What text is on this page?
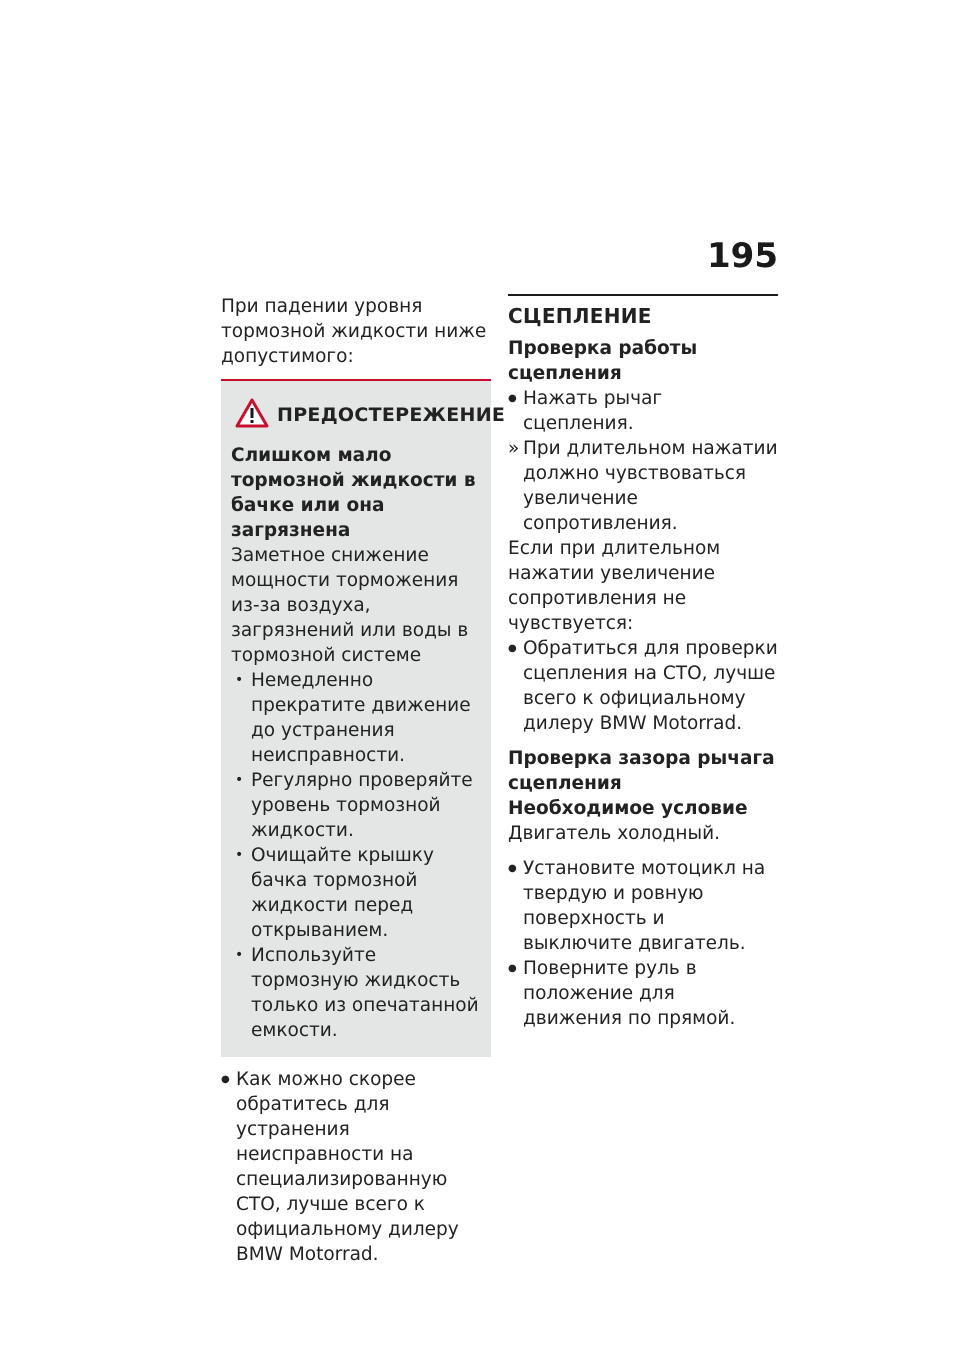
195

При падении уровня тормозной жидкости ниже допустимого:

ПРЕДОСТЕРЕЖЕНИЕ

Слишком мало тормозной жидкости в бачке или она загрязнена

Заметное снижение мощности торможения из-за воздуха, загрязнений или воды в тормозной системе

• Немедленно прекратите движение до устранения неисправности.
• Регулярно проверяйте уровень тормозной жидкости.
• Очищайте крышку бачка тормозной жидкости перед открыванием.
• Используйте тормозную жидкость только из опечатанной емкости.
● Как можно скорее обратитесь для устранения неисправности на специализированную СТО, лучше всего к официальному дилеру BMW Motorrad.
СЦЕПЛЕНИЕ

Проверка работы сцепления

● Нажать рычаг сцепления.
» При длительном нажатии должно чувствоваться увеличение сопротивления.

Если при длительном нажатии увеличение сопротивления не чувствуется:

● Обратиться для проверки сцепления на СТО, лучше всего к официальному дилеру BMW Motorrad.

Проверка зазора рычага сцепления

Необходимое условие

Двигатель холодный.

● Установите мотоцикл на твердую и ровную поверхность и выключите двигатель.
● Поверните руль в положение для движения по прямой.
